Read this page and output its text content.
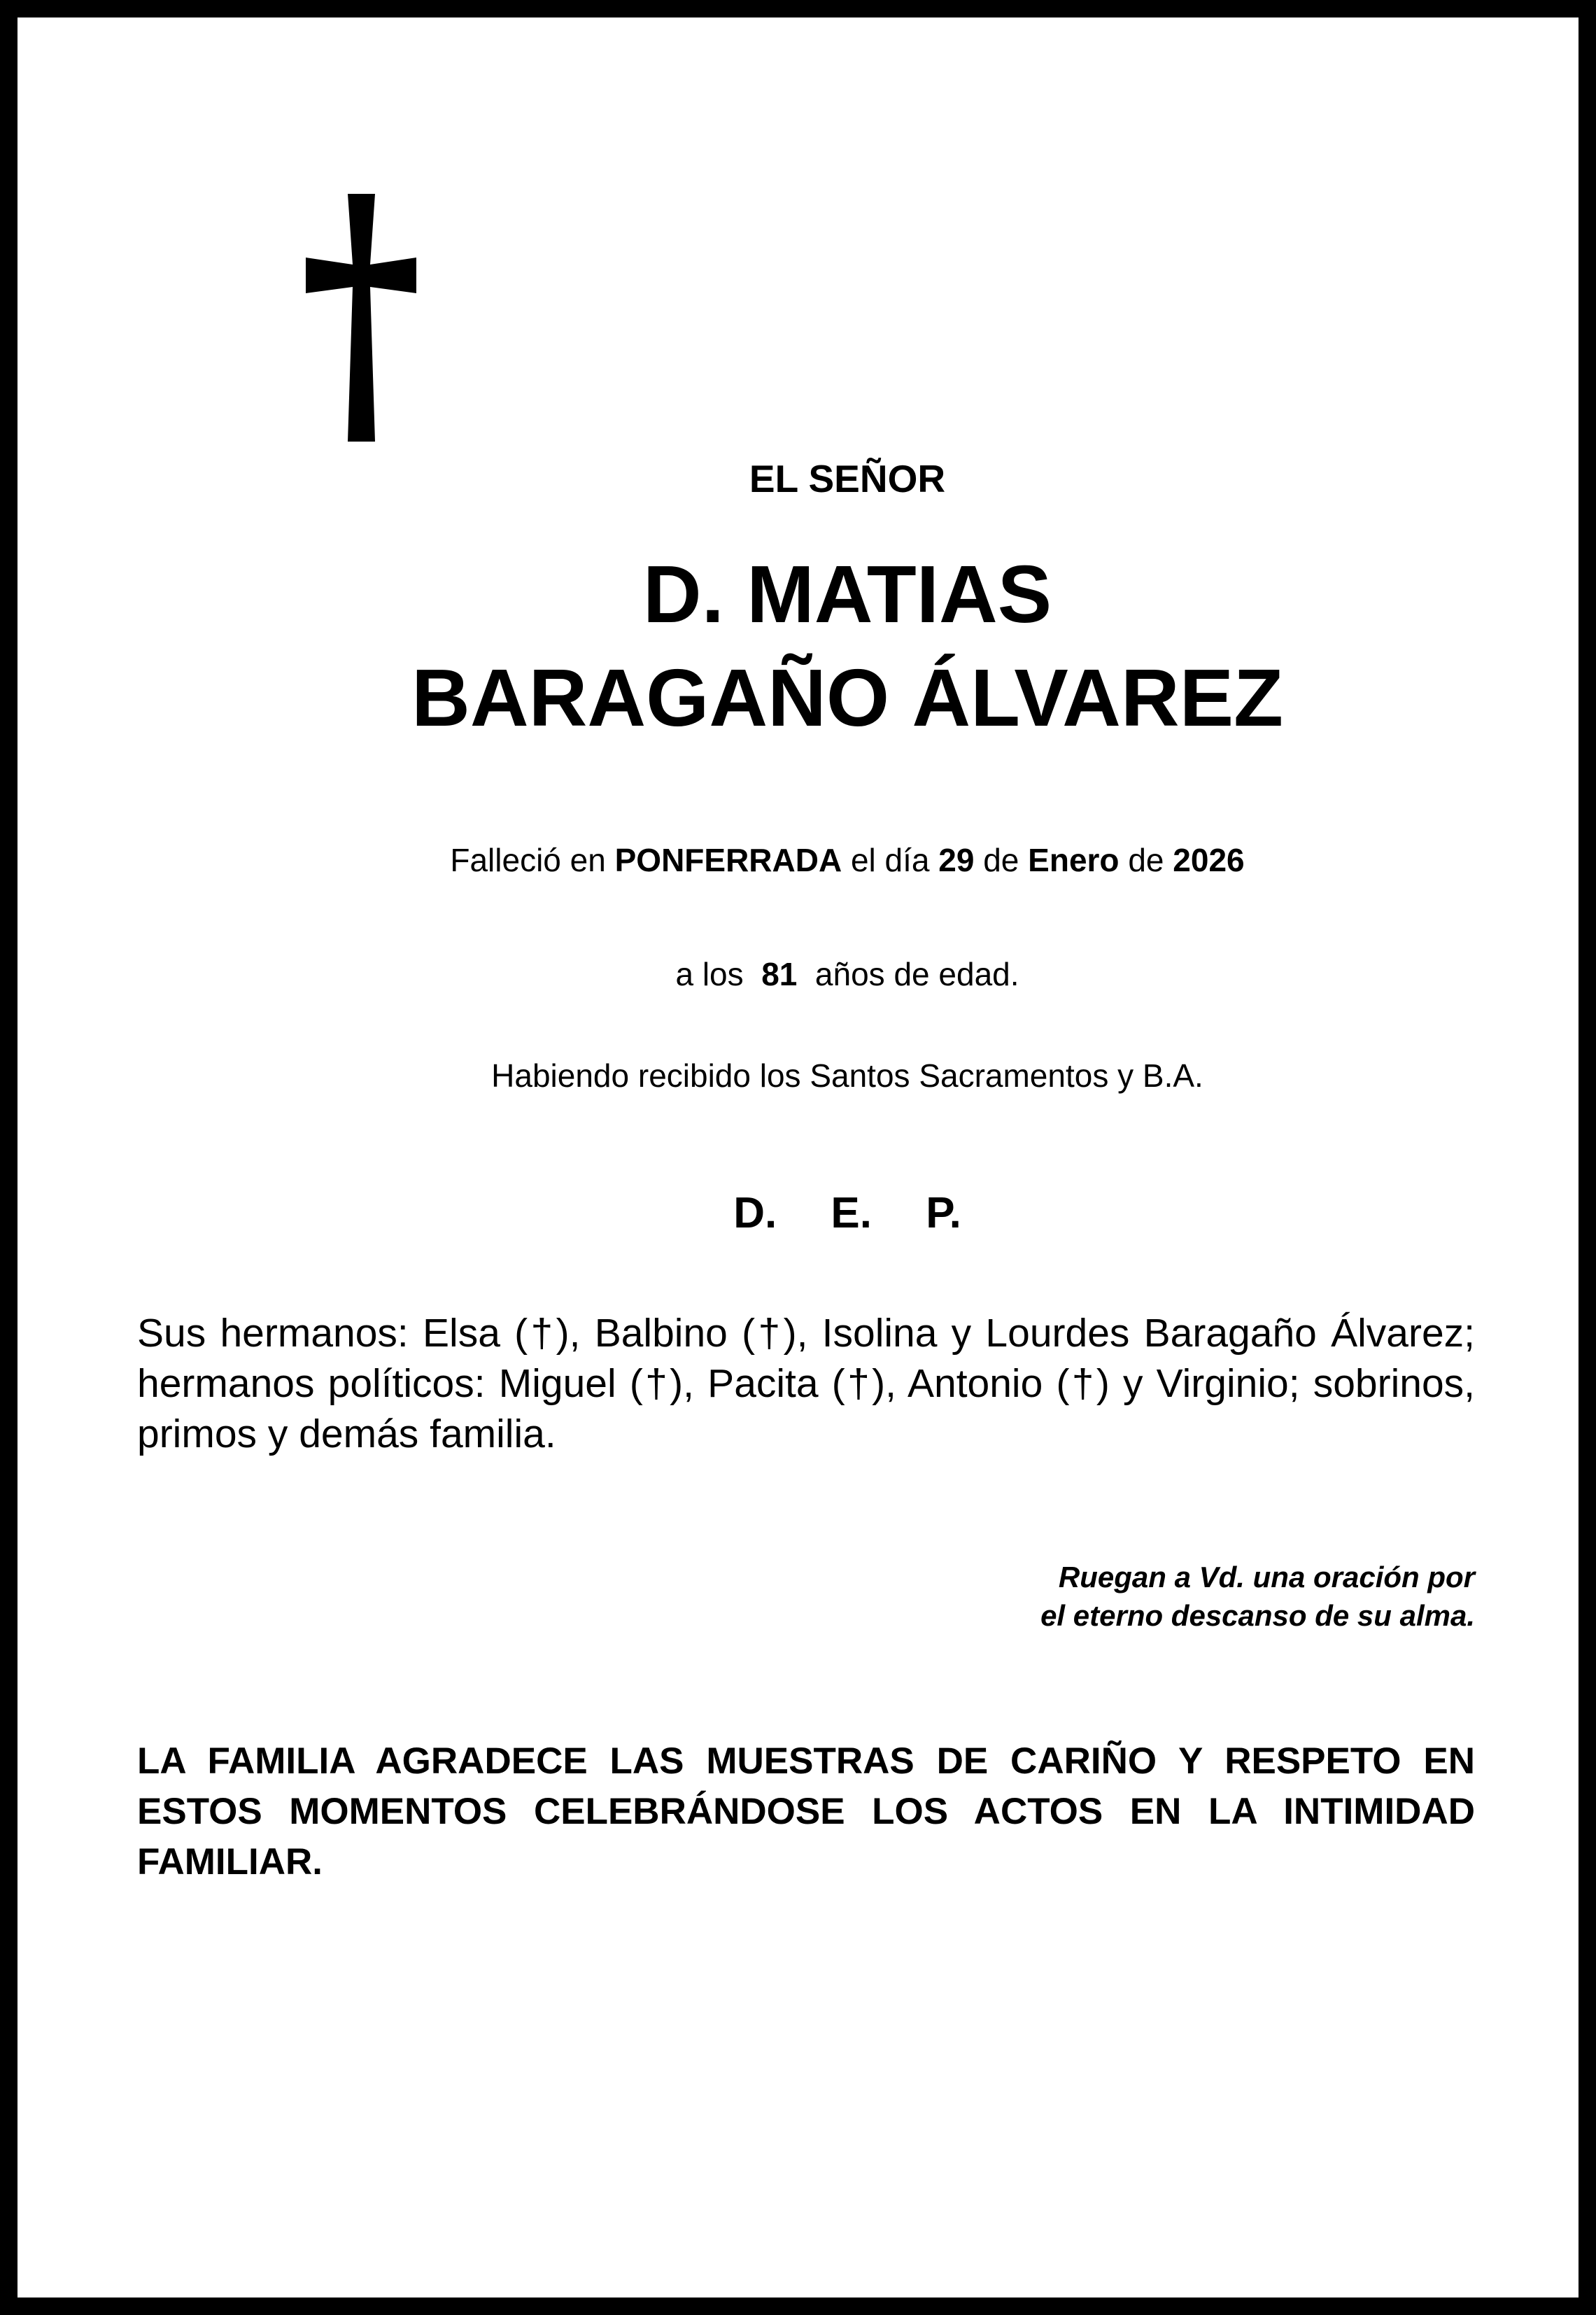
EL SEÑOR
D. MATIAS
BARAGAÑO ÁLVAREZ
Falleció en PONFERRADA el día 29 de Enero de 2026
a los  81  años de edad.
Habiendo recibido los Santos Sacramentos y B.A.
D. E. P.
Sus hermanos: Elsa (†), Balbino (†), Isolina y Lourdes Baragaño Álvarez; hermanos políticos: Miguel (†), Pacita (†), Antonio (†) y Virginio; sobrinos, primos y demás familia.
Ruegan a Vd. una oración por
el eterno descanso de su alma.
LA FAMILIA AGRADECE LAS MUESTRAS DE CARIÑO Y RESPETO EN ESTOS MOMENTOS CELEBRÁNDOSE LOS ACTOS EN LA INTIMIDAD FAMILIAR.
